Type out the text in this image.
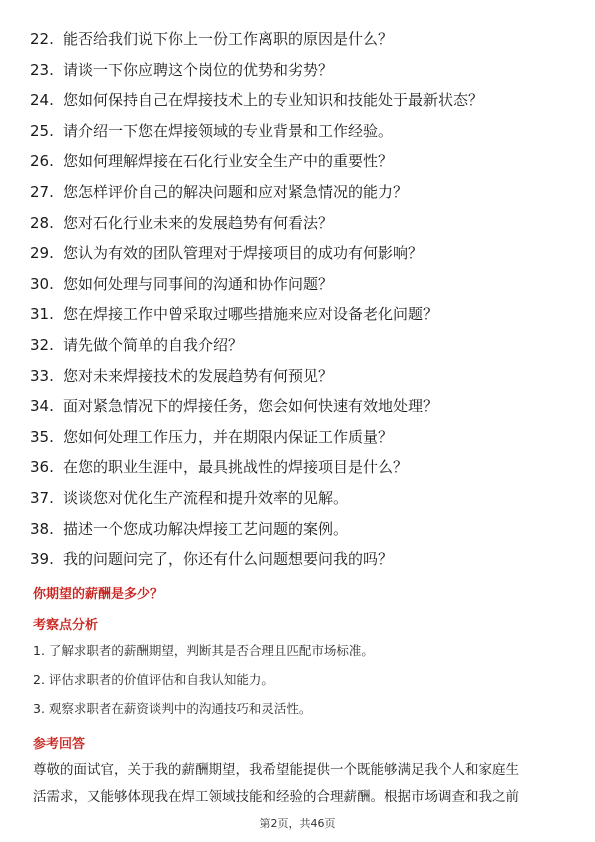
22. 能否给我们说下你上一份工作离职的原因是什么？
23. 请谈一下你应聘这个岗位的优势和劣势？
24. 您如何保持自己在焊接技术上的专业知识和技能处于最新状态？
25. 请介绍一下您在焊接领域的专业背景和工作经验。
26. 您如何理解焊接在石化行业安全生产中的重要性？
27. 您怎样评价自己的解决问题和应对紧急情况的能力？
28. 您对石化行业未来的发展趋势有何看法？
29. 您认为有效的团队管理对于焊接项目的成功有何影响？
30. 您如何处理与同事间的沟通和协作问题？
31. 您在焊接工作中曾采取过哪些措施来应对设备老化问题？
32. 请先做个简单的自我介绍？
33. 您对未来焊接技术的发展趋势有何预见？
34. 面对紧急情况下的焊接任务，您会如何快速有效地处理？
35. 您如何处理工作压力，并在期限内保证工作质量？
36. 在您的职业生涯中，最具挑战性的焊接项目是什么？
37. 谈谈您对优化生产流程和提升效率的见解。
38. 描述一个您成功解决焊接工艺问题的案例。
39. 我的问题问完了，你还有什么问题想要问我的吗？
你期望的薪酬是多少？
考察点分析
1. 了解求职者的薪酬期望，判断其是否合理且匹配市场标准。
2. 评估求职者的价值评估和自我认知能力。
3. 观察求职者在薪资谈判中的沟通技巧和灵活性。
参考回答
尊敬的面试官，关于我的薪酬期望，我希望能提供一个既能够满足我个人和家庭生
活需求，又能够体现我在焊工领域技能和经验的合理薪酬。根据市场调查和我之前
第2页，共46页
